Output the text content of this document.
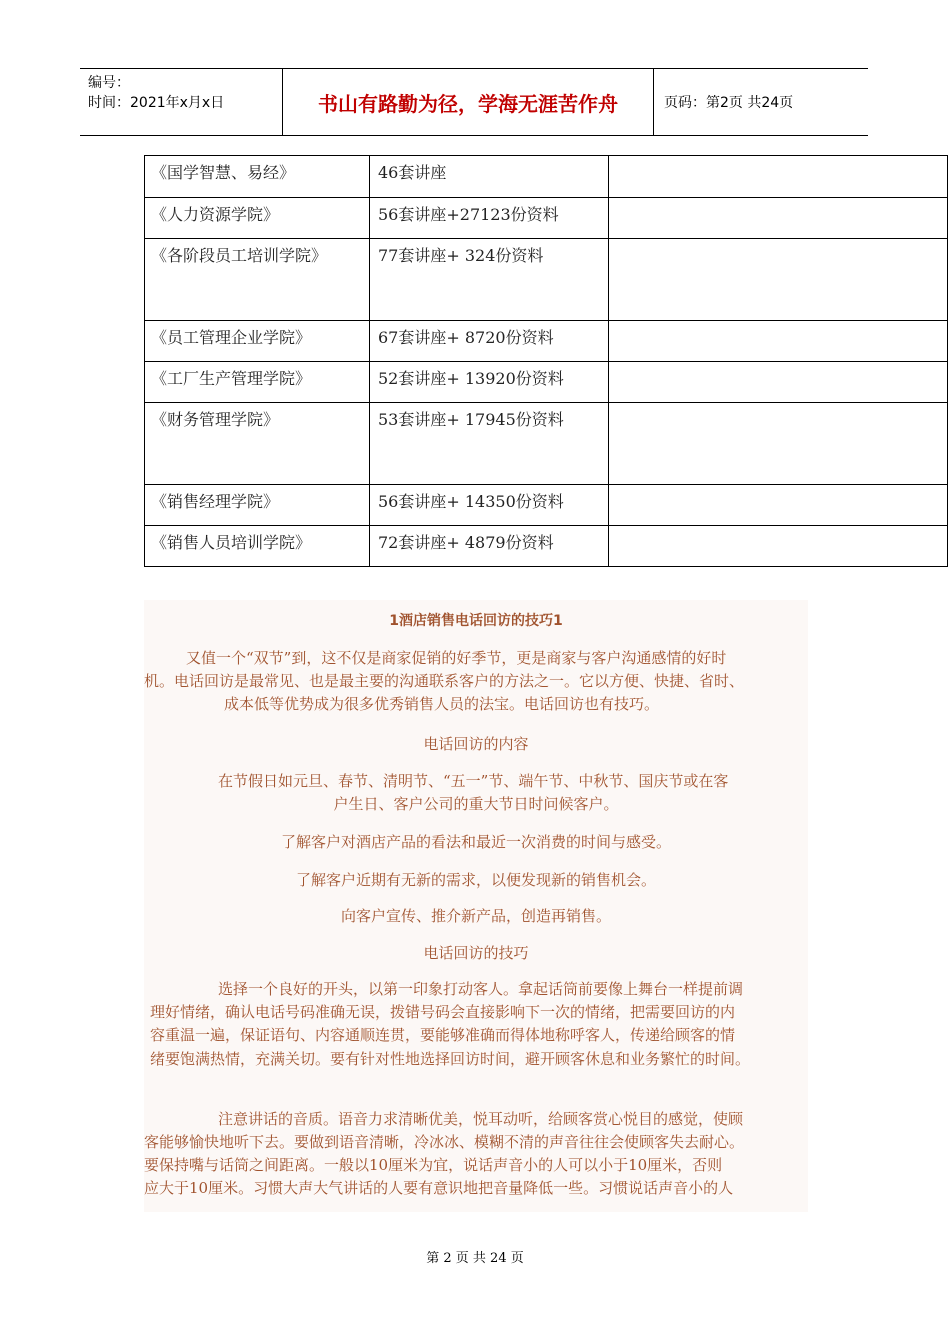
编号：
时间：2021年x月x日	书山有路勤为径，学海无涯苦作舟	页码：第2页 共24页
《国学智慧、易经》	46套讲座	

《人力资源学院》	56套讲座+27123份资料	

《各阶段员工培训学院》	77套讲座+ 324份资料	

《员工管理企业学院》	67套讲座+ 8720份资料	

《工厂生产管理学院》	52套讲座+ 13920份资料	

《财务管理学院》	53套讲座+ 17945份资料	

《销售经理学院》	56套讲座+ 14350份资料	

《销售人员培训学院》	72套讲座+ 4879份资料	

1酒店销售电话回访的技巧1

又值一个“双节”到，这不仅是商家促销的好季节，更是商家与客户沟通感情的好时

机。电话回访是最常见、也是最主要的沟通联系客户的方法之一。它以方便、快捷、省时、

成本低等优势成为很多优秀销售人员的法宝。电话回访也有技巧。

电话回访的内容

在节假日如元旦、春节、清明节、“五一”节、端午节、中秋节、国庆节或在客

户生日、客户公司的重大节日时问候客户。

了解客户对酒店产品的看法和最近一次消费的时间与感受。

了解客户近期有无新的需求，以便发现新的销售机会。

向客户宣传、推介新产品，创造再销售。

电话回访的技巧

选择一个良好的开头，以第一印象打动客人。拿起话筒前要像上舞台一样提前调

理好情绪，确认电话号码准确无误，拨错号码会直接影响下一次的情绪，把需要回访的内

容重温一遍，保证语句、内容通顺连贯，要能够准确而得体地称呼客人，传递给顾客的情

绪要饱满热情，充满关切。要有针对性地选择回访时间，避开顾客休息和业务繁忙的时间。

注意讲话的音质。语音力求清晰优美，悦耳动听，给顾客赏心悦目的感觉，使顾

客能够愉快地听下去。要做到语音清晰，冷冰冰、模糊不清的声音往往会使顾客失去耐心。

要保持嘴与话筒之间距离。一般以10厘米为宜，说话声音小的人可以小于10厘米，否则

应大于10厘米。习惯大声大气讲话的人要有意识地把音量降低一些。习惯说话声音小的人

第 2 页 共 24 页
